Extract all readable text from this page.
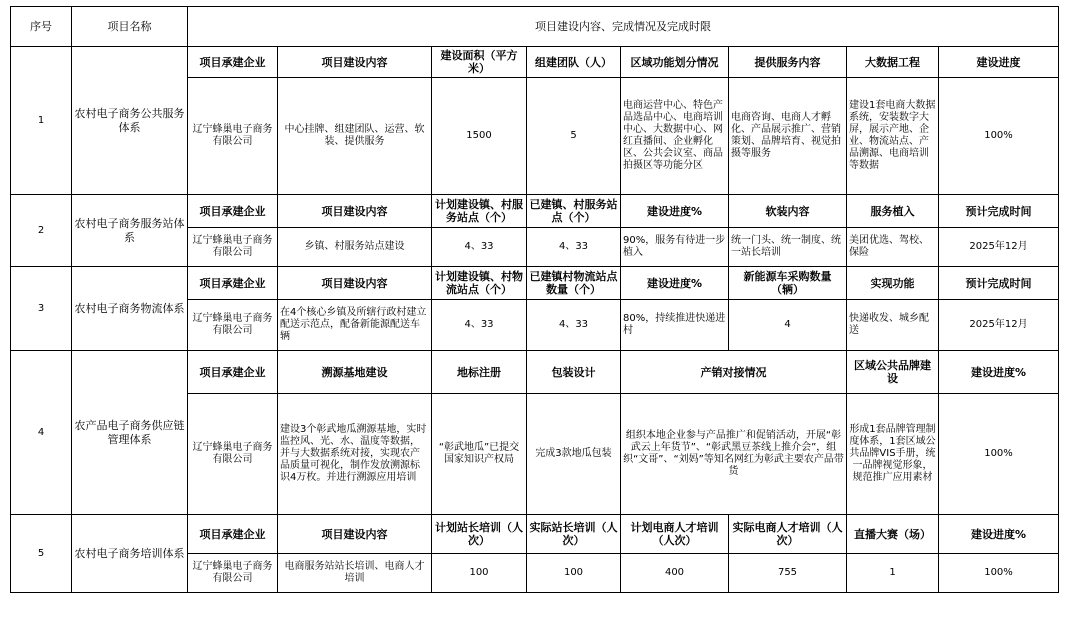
序号	项目名称	项目建设内容、完成情况及完成时限							
1	农村电子商务公共服务体系	项目承建企业	项目建设内容	建设面积（平方米）	组建团队（人）	区域功能划分情况	提供服务内容	大数据工程	建设进度
		辽宁蜂巢电子商务有限公司	中心挂牌、组建团队、运营、软装、提供服务	1500	5	电商运营中心、特色产品选品中心、电商培训中心、大数据中心、网红直播间、企业孵化区、公共会议室、商品拍摄区等功能分区	电商咨询、电商人才孵化、产品展示推广、营销策划、品牌培育、视觉拍摄等服务	建设1套电商大数据系统，安装数字大屏，展示产地、企业、物流站点、产品溯源、电商培训等数据	100%
2	农村电子商务服务站体系	项目承建企业	项目建设内容	计划建设镇、村服务站点（个）	已建镇、村服务站点（个）	建设进度%	软装内容	服务植入	预计完成时间
		辽宁蜂巢电子商务有限公司	乡镇、村服务站点建设	4、33	4、33	90%，服务有待进一步植入	统一门头、统一制度、统一站长培训	美团优选、驾校、保险	2025年12月
3	农村电子商务物流体系	项目承建企业	项目建设内容	计划建设镇、村物流站点（个）	已建镇村物流站点数量（个）	建设进度%	新能源车采购数量（辆）	实现功能	预计完成时间
		辽宁蜂巢电子商务有限公司	在4个核心乡镇及所辖行政村建立配送示范点，配备新能源配送车辆	4、33	4、33	80%，持续推进快递进村	4	快递收发、城乡配送	2025年12月
4	农产品电子商务供应链管理体系	项目承建企业	溯源基地建设	地标注册	包装设计	产销对接情况		区域公共品牌建设	建设进度%
		辽宁蜂巢电子商务有限公司	建设3个彰武地瓜溯源基地，实时监控风、光、水、温度等数据，并与大数据系统对接，实现农产品质量可视化，制作发放溯源标识4万枚。并进行溯源应用培训	“彰武地瓜”已提交国家知识产权局	完成3款地瓜包装	组织本地企业参与产品推广和促销活动，开展“彰武云上年货节”、“彰武黑豆茶线上推介会”，组织“文哥”、“刘妈”等知名网红为彰武主要农产品带货		形成1套品牌管理制度体系，1套区域公共品牌VIS手册，统一品牌视觉形象，规范推广应用素材	100%
5	农村电子商务培训体系	项目承建企业	项目建设内容	计划站长培训（人次）	实际站长培训（人次）	计划电商人才培训（人次）	实际电商人才培训（人次）	直播大赛（场）	建设进度%
		辽宁蜂巢电子商务有限公司	电商服务站站长培训、电商人才培训	100	100	400	755	1	100%
